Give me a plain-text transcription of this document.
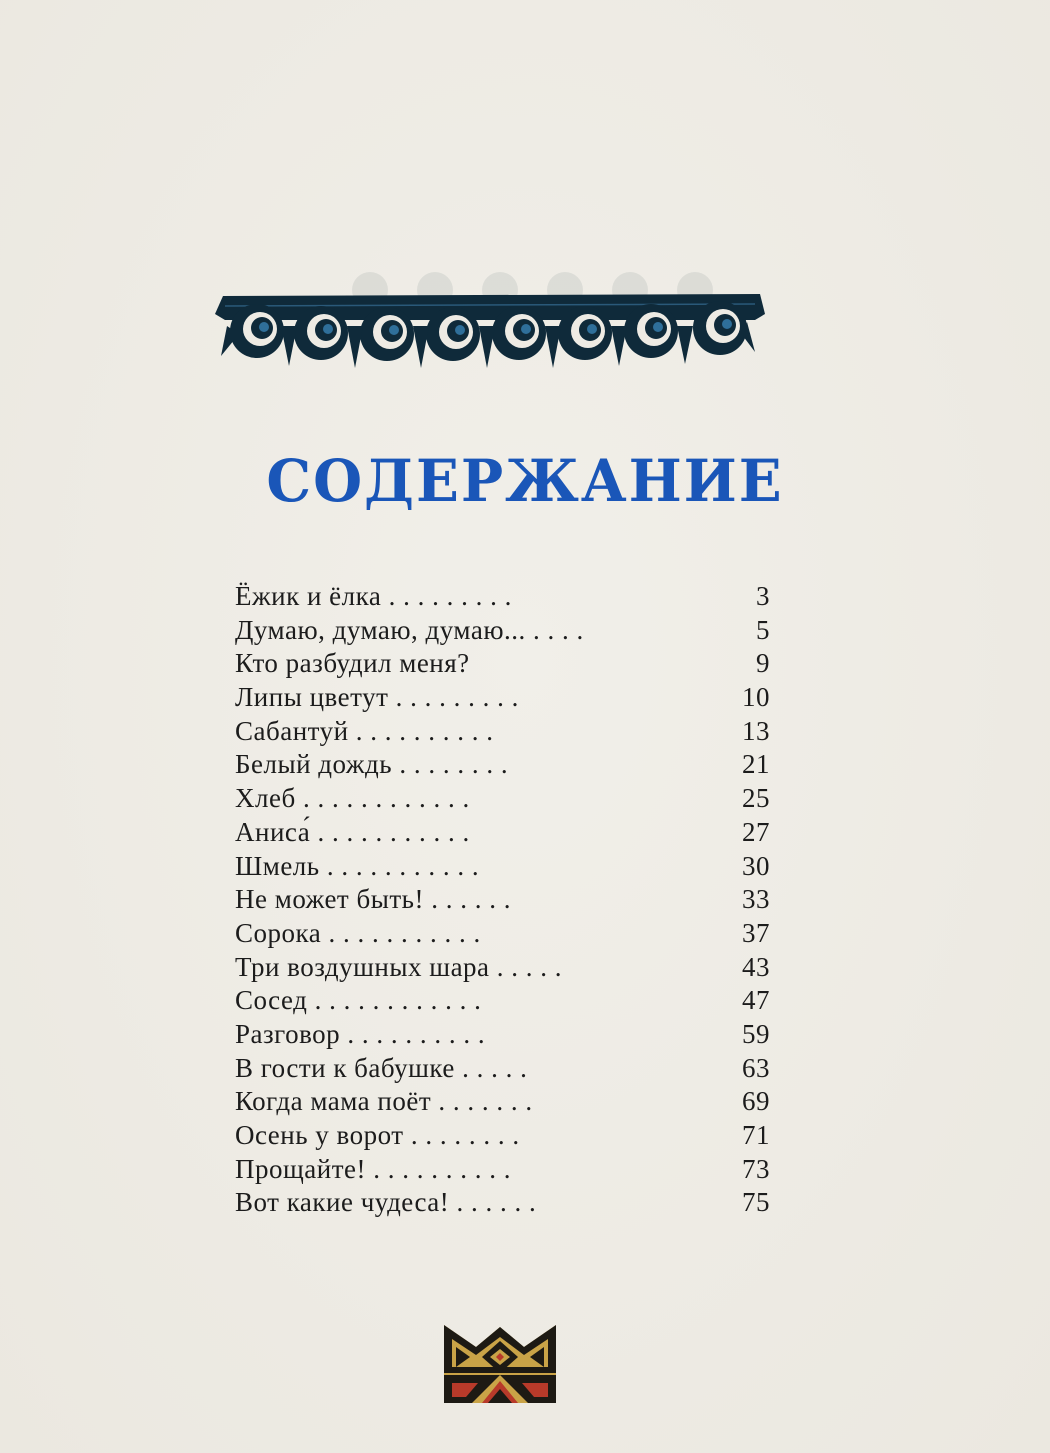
СОДЕРЖАНИЕ
Ёжик и ёлка . . . . . . . . .	3
Думаю, думаю, думаю... . . . .	5
Кто разбудил меня?	9
Липы цветут . . . . . . . . .	10
Сабантуй . . . . . . . . . .	13
Белый дождь . . . . . . . .	21
Хлеб . . . . . . . . . . . .	25
Аниса́ . . . . . . . . . . .	27
Шмель . . . . . . . . . . .	30
Не может быть! . . . . . .	33
Сорока . . . . . . . . . . .	37
Три воздушных шара . . . . .	43
Сосед . . . . . . . . . . . .	47
Разговор . . . . . . . . . .	59
В гости к бабушке . . . . .	63
Когда мама поёт . . . . . . .	69
Осень у ворот . . . . . . . .	71
Прощайте! . . . . . . . . . .	73
Вот какие чудеса! . . . . . .	75
